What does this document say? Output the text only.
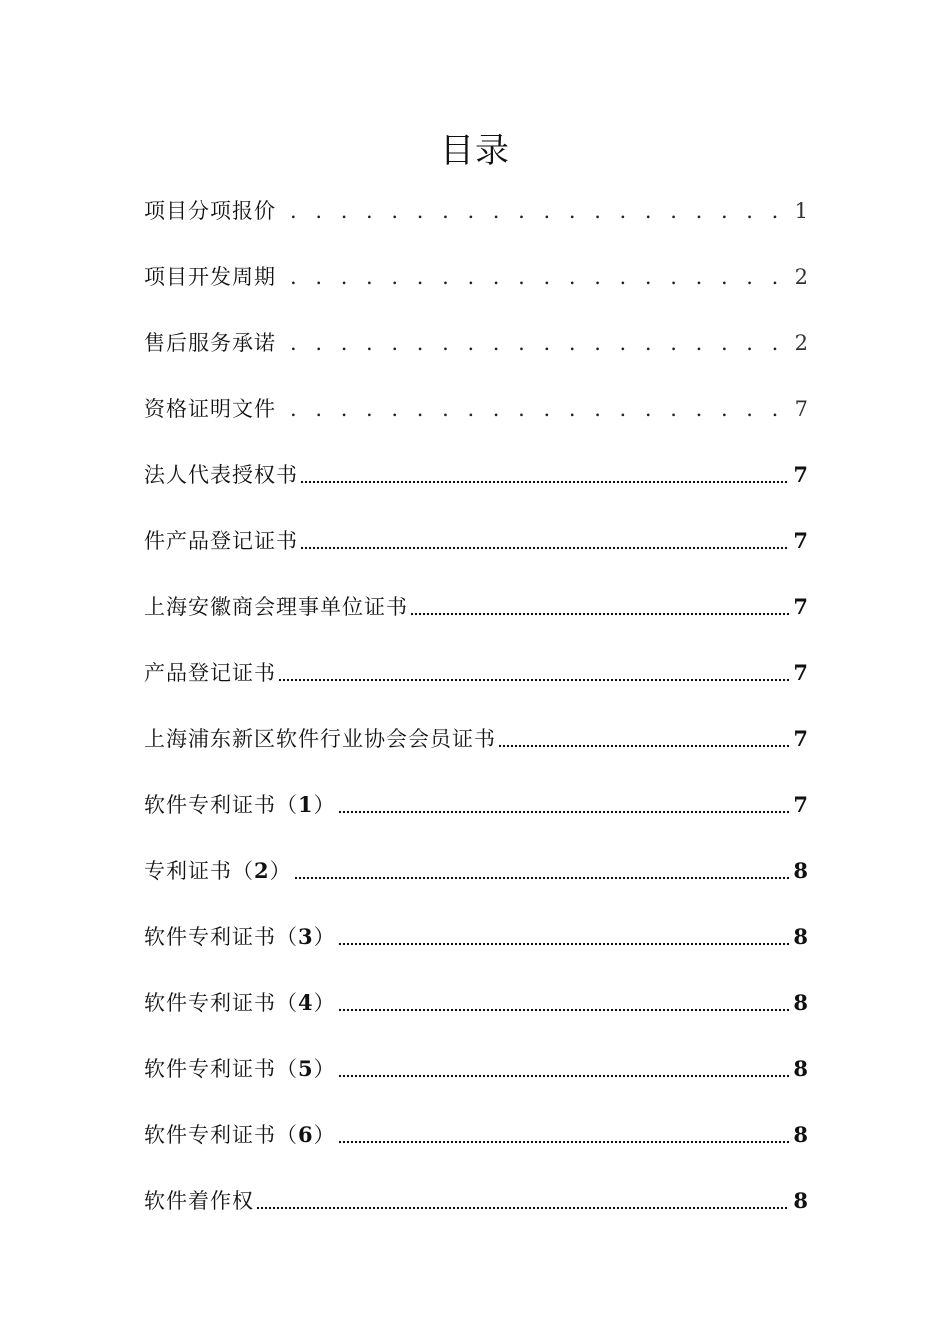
目录
项目分项报价 . . .	1
项目开发周期 . . .	2
售后服务承诺 . . .	2
资格证明文件 . . .	7
法人代表授权书	7
件产品登记证书	7
上海安徽商会理事单位证书	7
产品登记证书	7
上海浦东新区软件行业协会会员证书	7
软件专利证书（1）	7
专利证书（2）	8
软件专利证书（3）	8
软件专利证书（4）	8
软件专利证书（5）	8
软件专利证书（6）	8
软件着作权	8
